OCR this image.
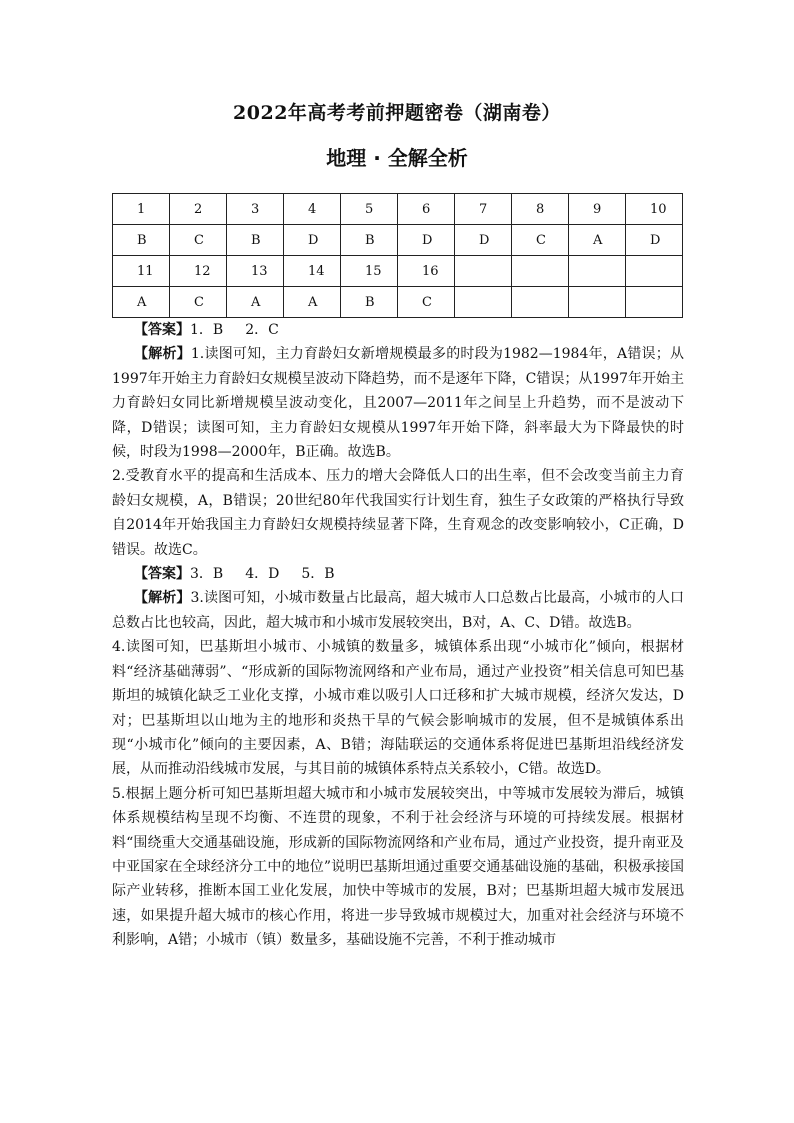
2022年高考考前押题密卷（湖南卷）
地理 · 全解全析
1	2	3	4	5	6	7	8	9	10
B	C	B	D	B	D	D	C	A	D
11	12	13	14	15	16				
A	C	A	A	B	C				

【答案】1．B 2．C

【解析】1.读图可知，主力育龄妇女新增规模最多的时段为1982—1984年，A错误；从1997年开始主力育龄妇女规模呈波动下降趋势，而不是逐年下降，C错误；从1997年开始主力育龄妇女同比新增规模呈波动变化，且2007—2011年之间呈上升趋势，而不是波动下降，D错误；读图可知，主力育龄妇女规模从1997年开始下降，斜率最大为下降最快的时候，时段为1998—2000年，B正确。故选B。

2.受教育水平的提高和生活成本、压力的增大会降低人口的出生率，但不会改变当前主力育龄妇女规模，A，B错误；20世纪80年代我国实行计划生育，独生子女政策的严格执行导致自2014年开始我国主力育龄妇女规模持续显著下降，生育观念的改变影响较小，C正确，D错误。故选C。

【答案】3．B 4．D 5．B

【解析】3.读图可知，小城市数量占比最高，超大城市人口总数占比最高，小城市的人口总数占比也较高，因此，超大城市和小城市发展较突出，B对，A、C、D错。故选B。

4.读图可知，巴基斯坦小城市、小城镇的数量多，城镇体系出现“小城市化”倾向，根据材料“经济基础薄弱”、“形成新的国际物流网络和产业布局，通过产业投资”相关信息可知巴基斯坦的城镇化缺乏工业化支撑，小城市难以吸引人口迁移和扩大城市规模，经济欠发达，D对；巴基斯坦以山地为主的地形和炎热干旱的气候会影响城市的发展，但不是城镇体系出现“小城市化”倾向的主要因素，A、B错；海陆联运的交通体系将促进巴基斯坦沿线经济发展，从而推动沿线城市发展，与其目前的城镇体系特点关系较小，C错。故选D。

5.根据上题分析可知巴基斯坦超大城市和小城市发展较突出，中等城市发展较为滞后，城镇体系规模结构呈现不均衡、不连贯的现象，不利于社会经济与环境的可持续发展。根据材料“围绕重大交通基础设施，形成新的国际物流网络和产业布局，通过产业投资，提升南亚及中亚国家在全球经济分工中的地位”说明巴基斯坦通过重要交通基础设施的基础，积极承接国际产业转移，推断本国工业化发展，加快中等城市的发展，B对；巴基斯坦超大城市发展迅速，如果提升超大城市的核心作用，将进一步导致城市规模过大，加重对社会经济与环境不利影响，A错；小城市（镇）数量多，基础设施不完善，不利于推动城市
